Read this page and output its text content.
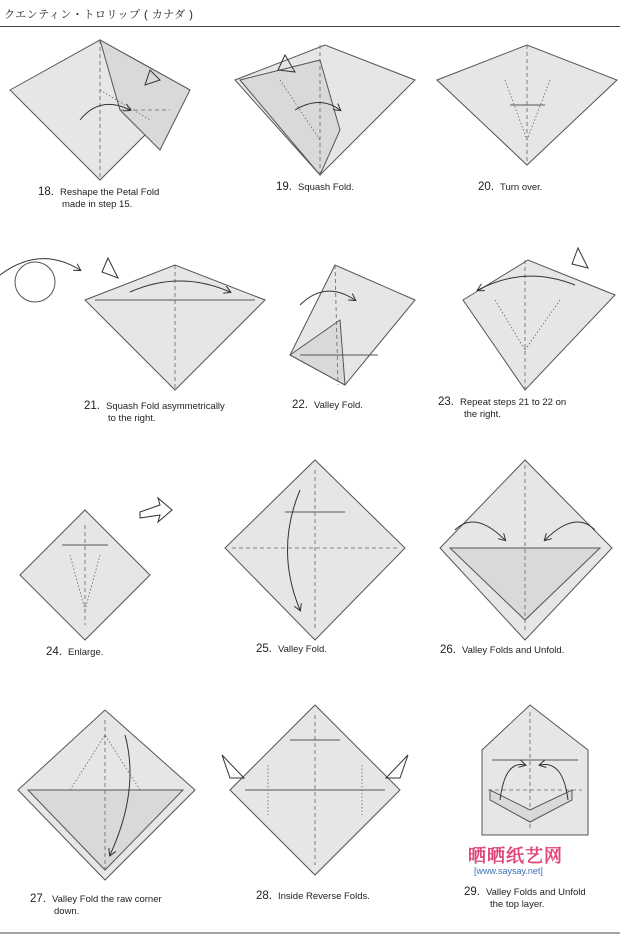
クエンティン・トロリップ ( カナダ )
18. Reshape the Petal Fold
made in step 15.
19. Squash Fold.	20. Turn over.
21. Squash Fold asymmetrically
to the right.
22. Valley Fold.	23. Repeat steps 21 to 22 on
the right.
24. Enlarge.	25. Valley Fold.	26. Valley Folds and Unfold.
27. Valley Fold the raw corner
down.
28. Inside Reverse Folds.	29. Valley Folds and Unfold
the top layer.
晒晒纸艺网
[www.saysay.net]
